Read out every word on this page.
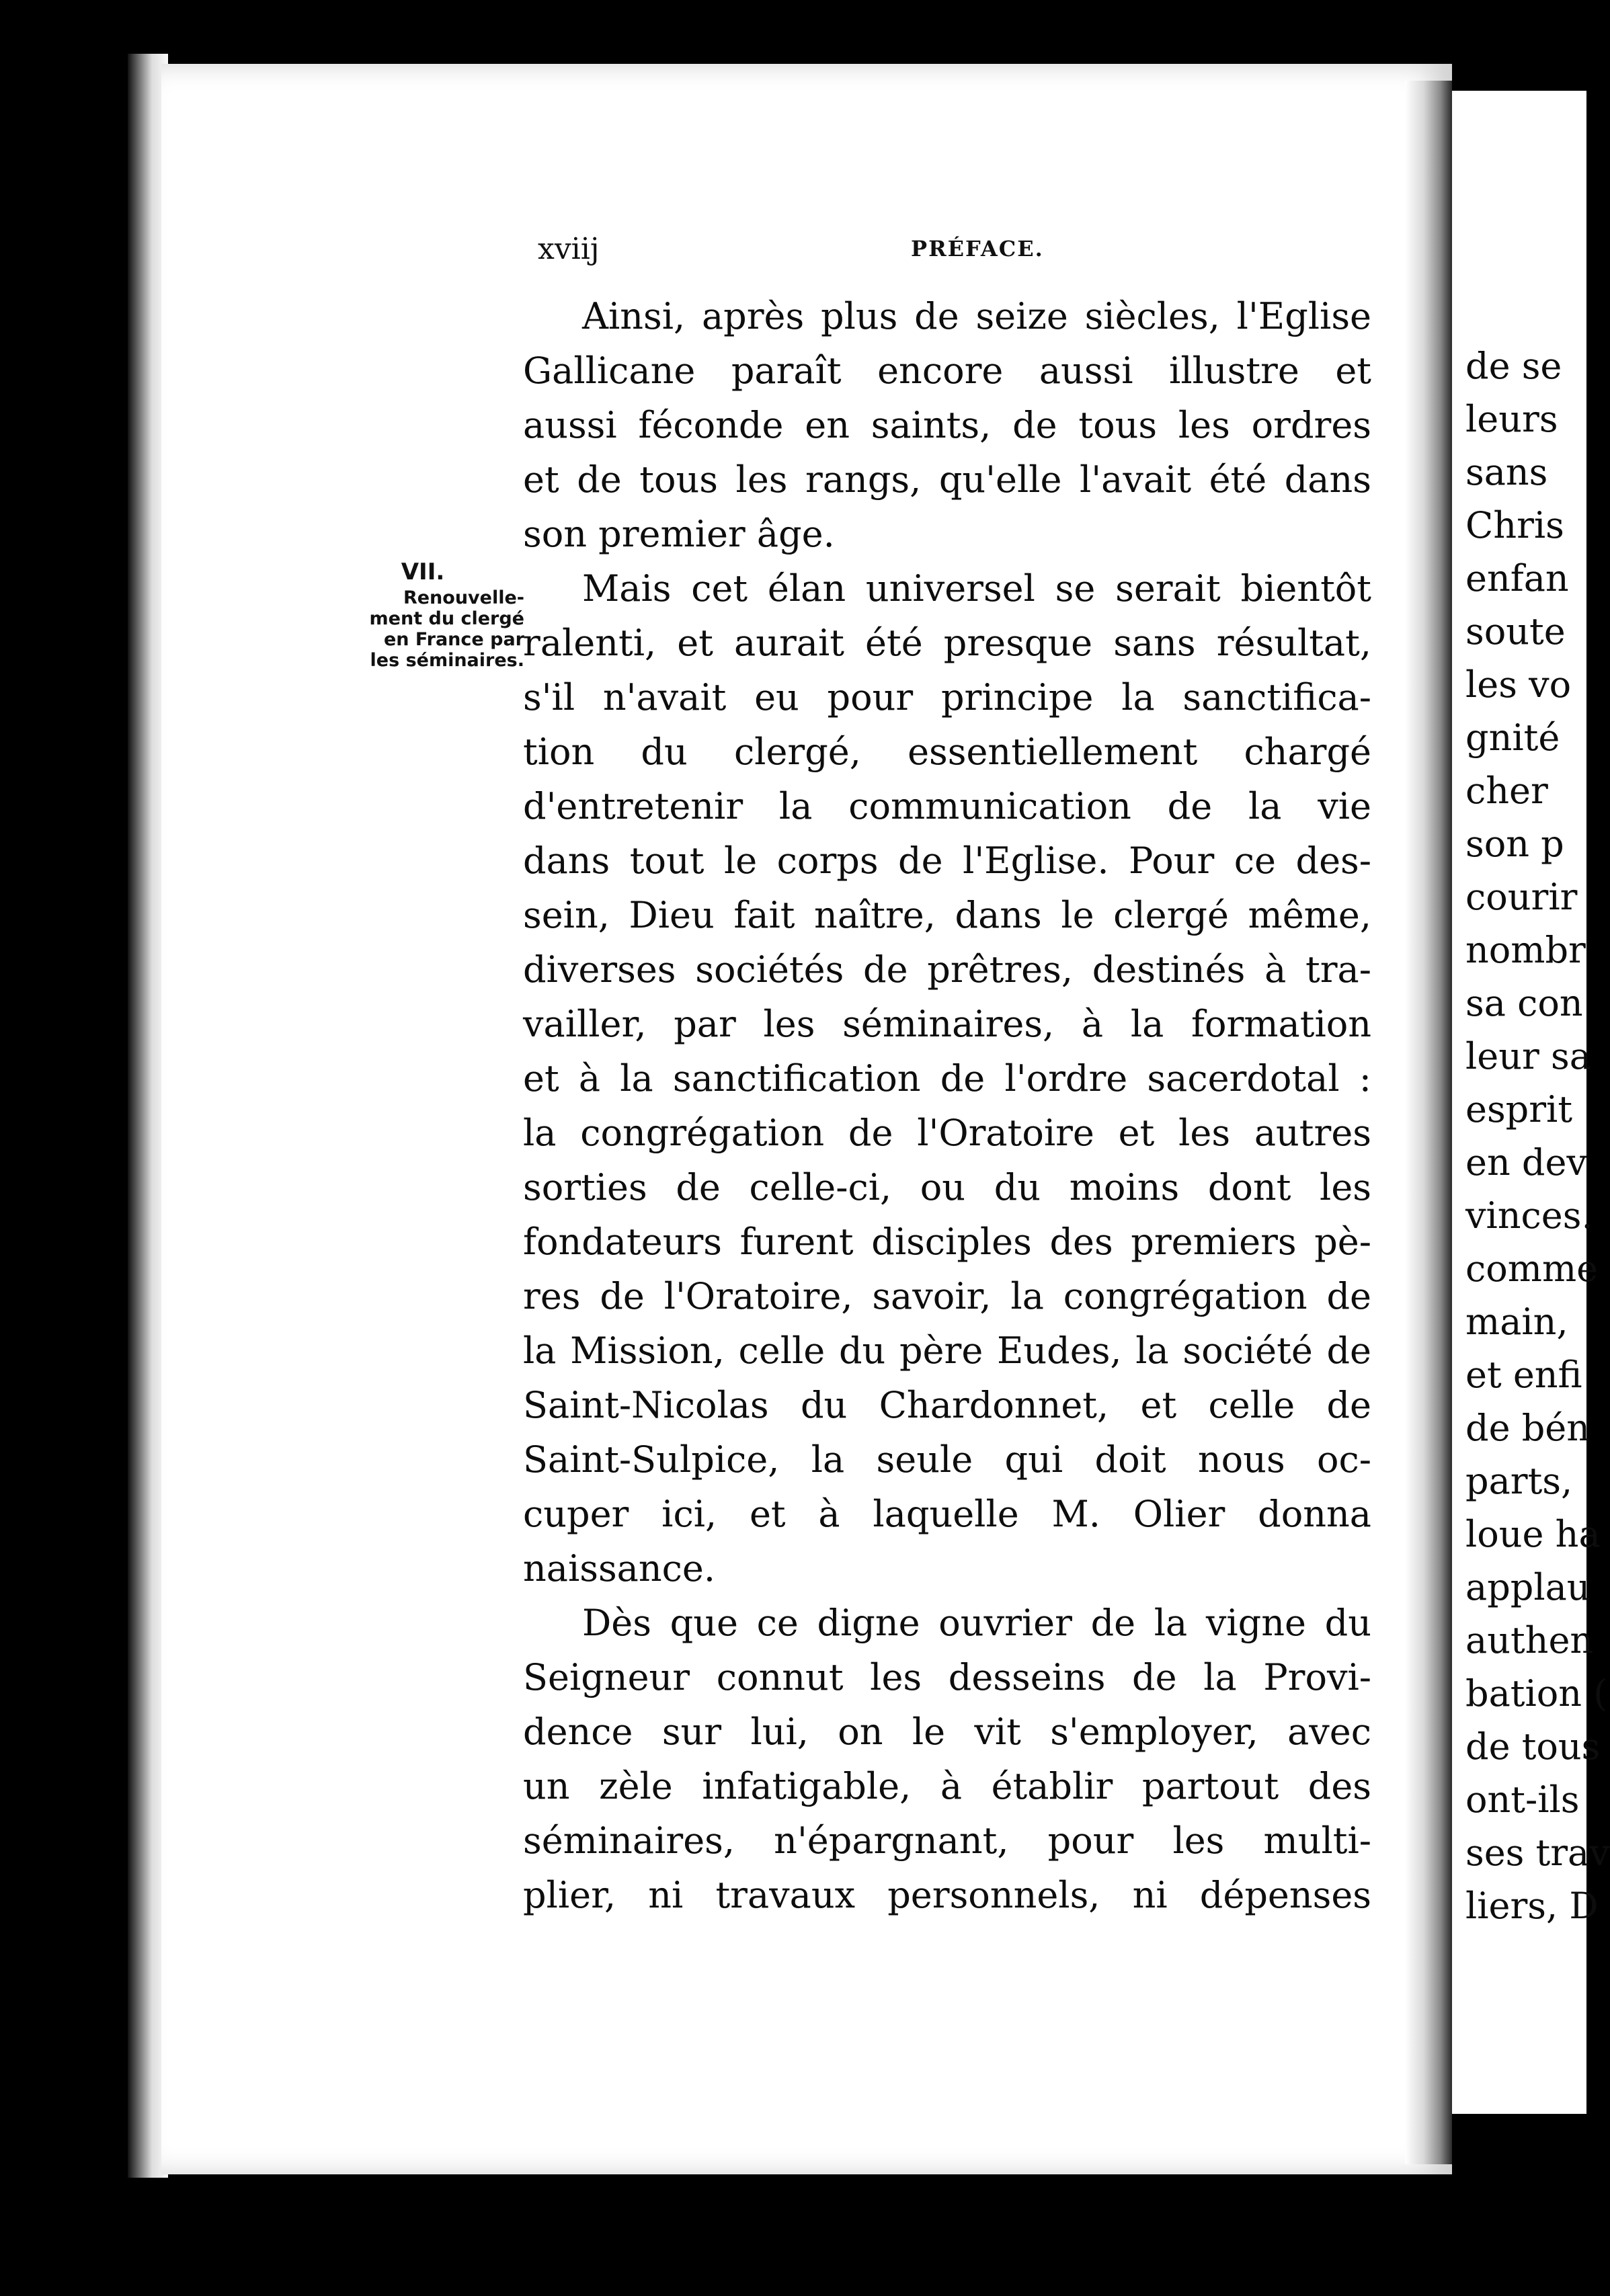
xviij	PRÉFACE.
VII.
Renouvelle-
ment du clergé
en France par
les séminaires.
Ainsi, après plus de seize siècles, l'Eglise
Gallicane paraît encore aussi illustre et
aussi féconde en saints, de tous les ordres
et de tous les rangs, qu'elle l'avait été dans
son premier âge.
Mais cet élan universel se serait bientôt
ralenti, et aurait été presque sans résultat,
s'il n'avait eu pour principe la sanctifica-
tion du clergé, essentiellement chargé
d'entretenir la communication de la vie
dans tout le corps de l'Eglise. Pour ce des-
sein, Dieu fait naître, dans le clergé même,
diverses sociétés de prêtres, destinés à tra-
vailler, par les séminaires, à la formation
et à la sanctification de l'ordre sacerdotal :
la congrégation de l'Oratoire et les autres
sorties de celle-ci, ou du moins dont les
fondateurs furent disciples des premiers pè-
res de l'Oratoire, savoir, la congrégation de
la Mission, celle du père Eudes, la société de
Saint-Nicolas du Chardonnet, et celle de
Saint-Sulpice, la seule qui doit nous oc-
cuper ici, et à laquelle M. Olier donna
naissance.
Dès que ce digne ouvrier de la vigne du
Seigneur connut les desseins de la Provi-
dence sur lui, on le vit s'employer, avec
un zèle infatigable, à établir partout des
séminaires, n'épargnant, pour les multi-
plier, ni travaux personnels, ni dépenses
de se
leurs
sans
Chris
enfan
soute
les vo
gnité
cher
son p
courir
nombr
sa con
leur sa
esprit
en dev
vinces.
comme
main,
et enfi
de bén
parts,
loue ha
applau
authen
bation (
de tous
ont-ils
ses trav
liers, D
